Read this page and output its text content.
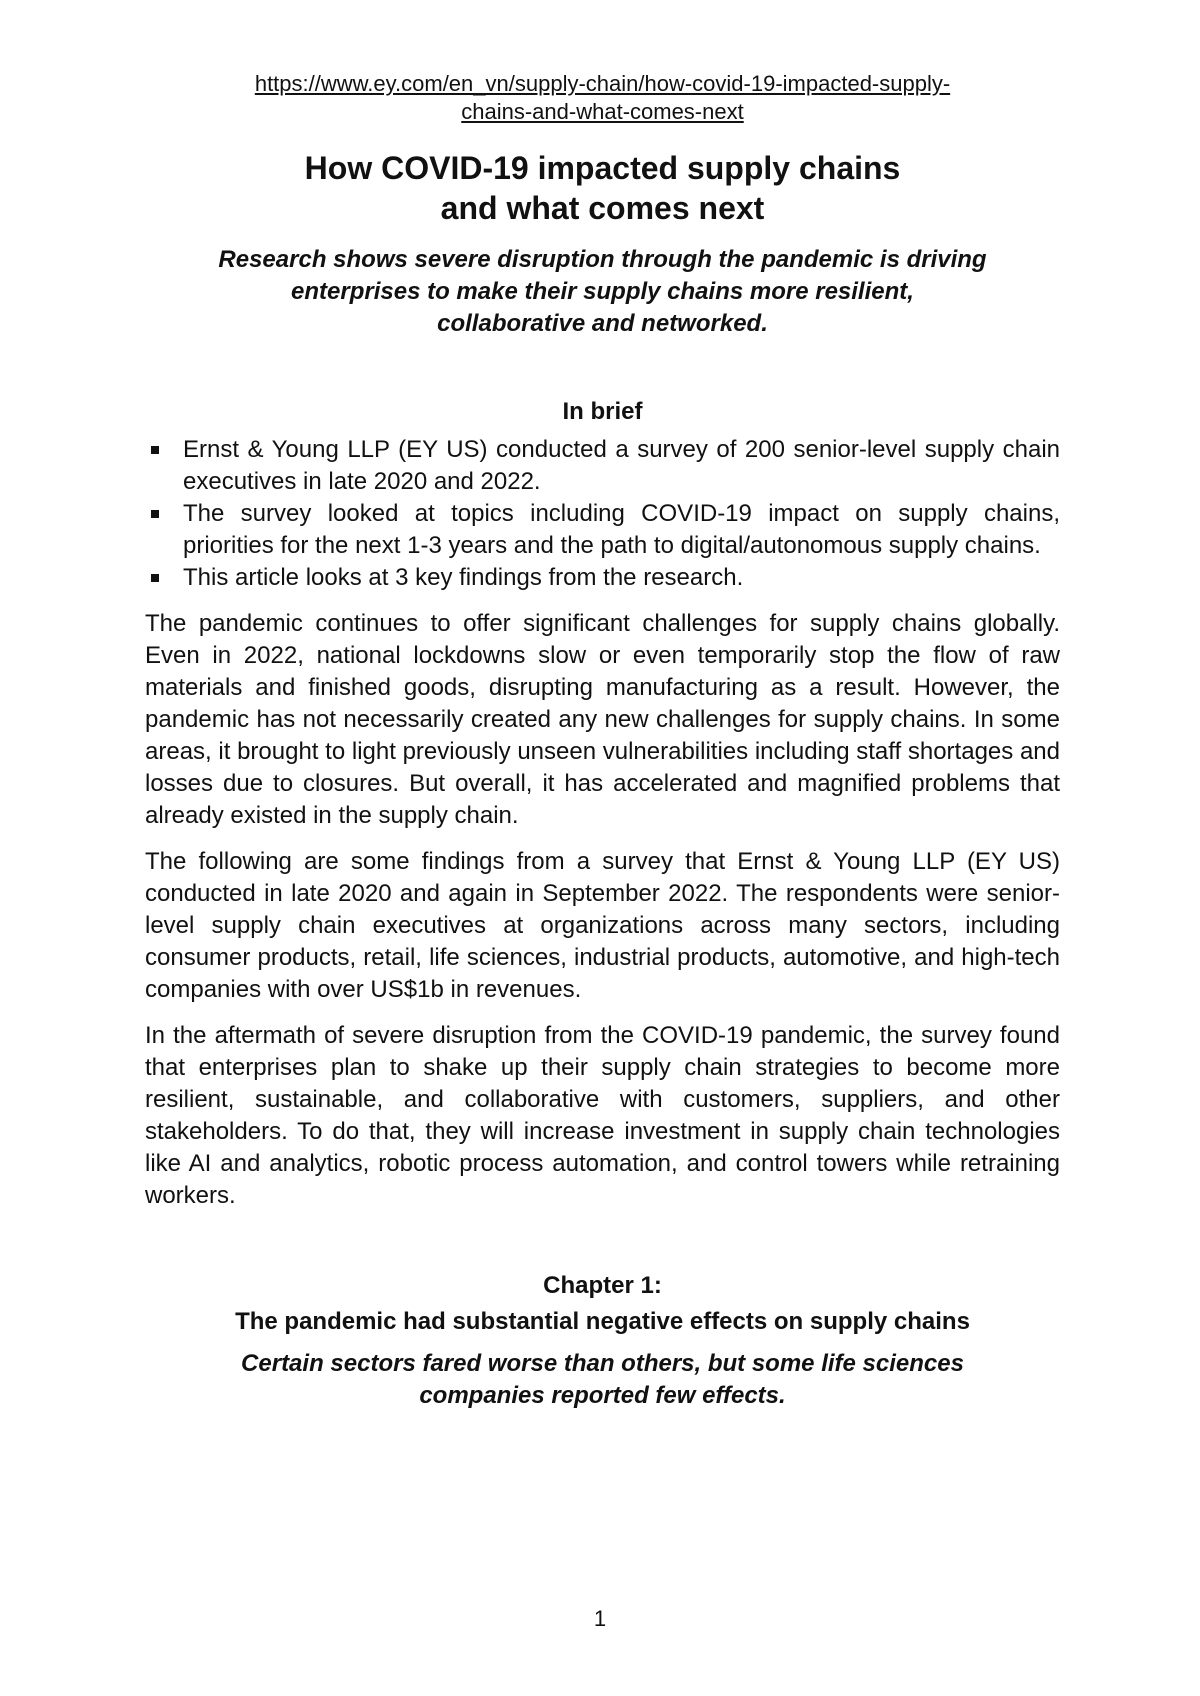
https://www.ey.com/en_vn/supply-chain/how-covid-19-impacted-supply-

chains-and-what-comes-next

How COVID-19 impacted supply chains
and what comes next
Research shows severe disruption through the pandemic is driving
enterprises to make their supply chains more resilient,
collaborative and networked.
In brief
Ernst & Young LLP (EY US) conducted a survey of 200 senior-level supply chain executives in late 2020 and 2022.
The survey looked at topics including COVID-19 impact on supply chains, priorities for the next 1-3 years and the path to digital/autonomous supply chains.
This article looks at 3 key findings from the research.

The pandemic continues to offer significant challenges for supply chains globally. Even in 2022, national lockdowns slow or even temporarily stop the flow of raw materials and finished goods, disrupting manufacturing as a result. However, the pandemic has not necessarily created any new challenges for supply chains. In some areas, it brought to light previously unseen vulnerabilities including staff shortages and losses due to closures. But overall, it has accelerated and magnified problems that already existed in the supply chain.

The following are some findings from a survey that Ernst & Young LLP (EY US) conducted in late 2020 and again in September 2022. The respondents were senior-level supply chain executives at organizations across many sectors, including consumer products, retail, life sciences, industrial products, automotive, and high-tech companies with over US$1b in revenues.

In the aftermath of severe disruption from the COVID-19 pandemic, the survey found that enterprises plan to shake up their supply chain strategies to become more resilient, sustainable, and collaborative with customers, suppliers, and other stakeholders. To do that, they will increase investment in supply chain technologies like AI and analytics, robotic process automation, and control towers while retraining workers.

Chapter 1:
The pandemic had substantial negative effects on supply chains
Certain sectors fared worse than others, but some life sciences
companies reported few effects.
1
